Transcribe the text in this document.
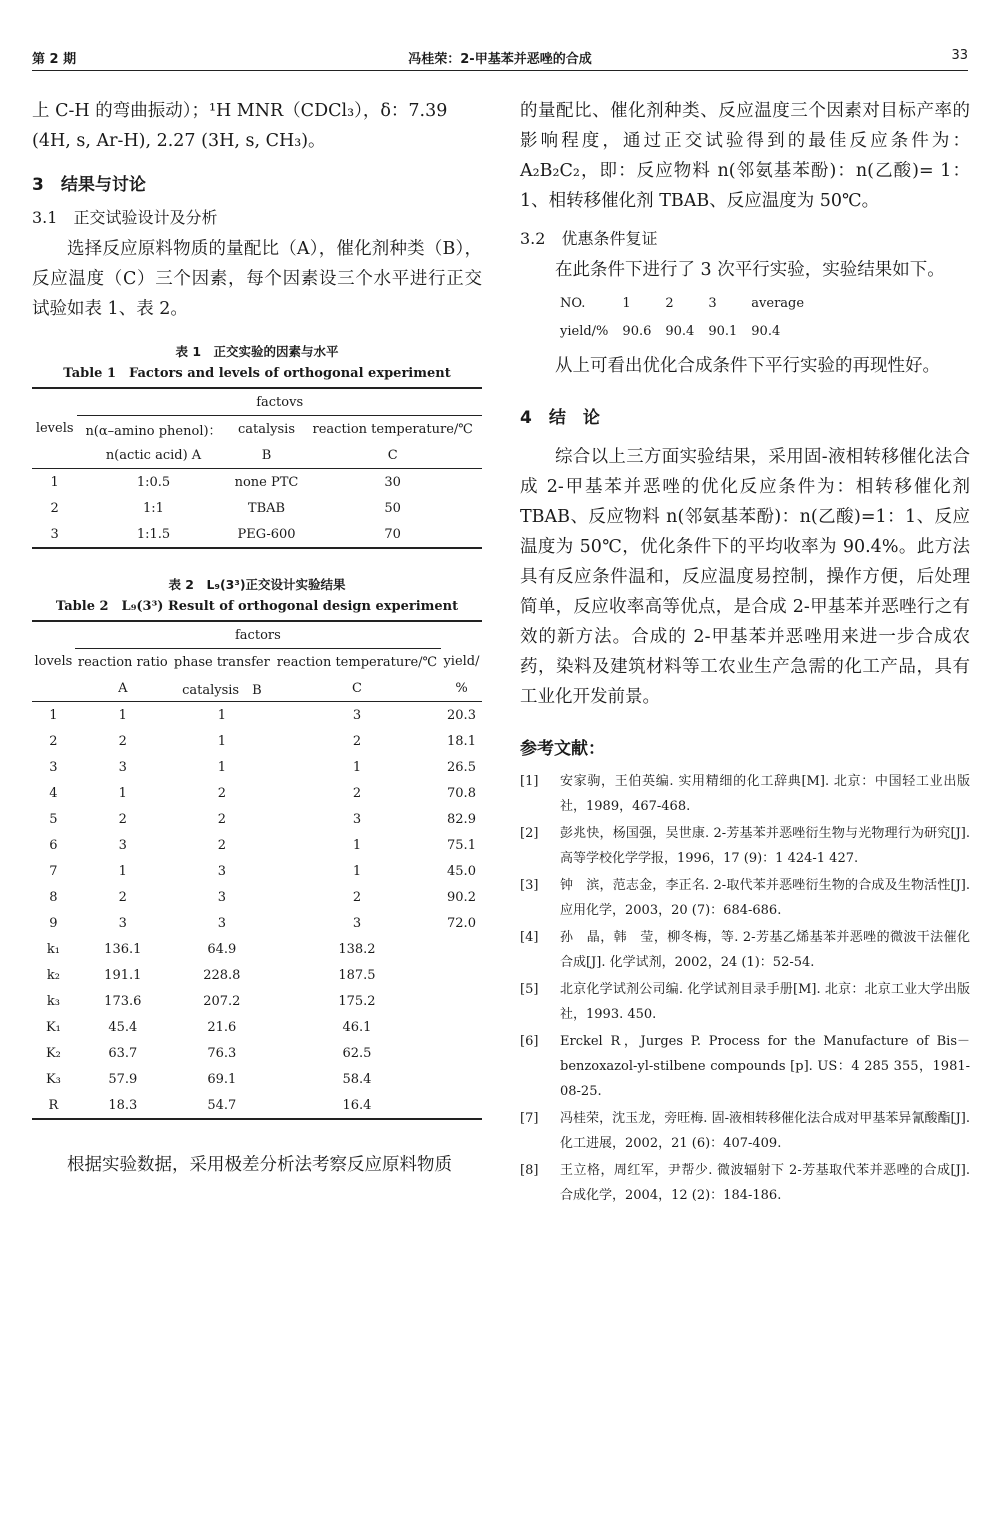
第 2 期	冯桂荣：2-甲基苯并恶唑的合成	33

上 C-H 的弯曲振动）；¹H MNR（CDCl₃），δ：7.39

(4H, s, Ar-H), 2.27 (3H, s, CH₃)。

3　结果与讨论
3.1　正交试验设计及分析

选择反应原料物质的量配比（A），催化剂种类（B），反应温度（C）三个因素，每个因素设三个水平进行正交试验如表 1、表 2。

表 1　正交实验的因素与水平
Table 1　Factors and levels of orthogonal experiment
	factovs		
levels	n(α–amino phenol)：	catalysis	reaction temperature/℃
	n(actic acid) A	B	C
1	1:0.5	none PTC	30
2	1:1	TBAB	50
3	1:1.5	PEG-600	70
表 2　L₉(3³)正交设计实验结果
Table 2　L₉(3³) Result of orthogonal design experiment
	factors			
lovels	reaction ratio	phase transfer	reaction temperature/℃	yield/
	A	catalysis　B	C	%
1	1	1	3	20.3
2	2	1	2	18.1
3	3	1	1	26.5
4	1	2	2	70.8
5	2	2	3	82.9
6	3	2	1	75.1
7	1	3	1	45.0
8	2	3	2	90.2
9	3	3	3	72.0
k₁	136.1	64.9	138.2	
k₂	191.1	228.8	187.5	
k₃	173.6	207.2	175.2	
K₁	45.4	21.6	46.1	
K₂	63.7	76.3	62.5	
K₃	57.9	69.1	58.4	
R	18.3	54.7	16.4	

根据实验数据，采用极差分析法考察反应原料物质

的量配比、催化剂种类、反应温度三个因素对目标产率的影响程度，通过正交试验得到的最佳反应条件为：A₂B₂C₂，即：反应物料 n(邻氨基苯酚)：n(乙酸)= 1：1、相转移催化剂 TBAB、反应温度为 50℃。

3.2　优惠条件复证

在此条件下进行了 3 次平行实验，实验结果如下。

NO.	1	2	3	average
yield/%	90.6	90.4	90.1	90.4

从上可看出优化合成条件下平行实验的再现性好。

4　结　论

综合以上三方面实验结果，采用固-液相转移催化法合成 2-甲基苯并恶唑的优化反应条件为：相转移催化剂 TBAB、反应物料 n(邻氨基苯酚)：n(乙酸)=1：1、反应温度为 50℃，优化条件下的平均收率为 90.4%。此方法具有反应条件温和，反应温度易控制，操作方便，后处理简单，反应收率高等优点，是合成 2-甲基苯并恶唑行之有效的新方法。合成的 2-甲基苯并恶唑用来进一步合成农药，染料及建筑材料等工农业生产急需的化工产品，具有工业化开发前景。

参考文献：
[1]	安家驹，王伯英编. 实用精细的化工辞典[M]. 北京：中国轻工业出版社，1989，467-468.
[2]	彭兆快，杨国强，吴世康. 2-芳基苯并恶唑衍生物与光物理行为研究[J]. 高等学校化学学报，1996，17 (9)：1 424-1 427.
[3]	钟　滨，范志金，李正名. 2-取代苯并恶唑衍生物的合成及生物活性[J]. 应用化学，2003，20 (7)：684-686.
[4]	孙　晶，韩　莹，柳冬梅，等. 2-芳基乙烯基苯并恶唑的微波干法催化合成[J]. 化学试剂，2002，24 (1)：52-54.
[5]	北京化学试剂公司编. 化学试剂目录手册[M]. 北京：北京工业大学出版社，1993. 450.
[6]	Erckel R，Jurges P. Process for the Manufacture of Bis－benzoxazol-yl-stilbene compounds [p]. US：4 285 355，1981-08-25.
[7]	冯桂荣，沈玉龙，旁旺梅. 固-液相转移催化法合成对甲基苯异氰酸酯[J]. 化工进展，2002，21 (6)：407-409.
[8]	王立格，周红军，尹帮少. 微波辐射下 2-芳基取代苯并恶唑的合成[J]. 合成化学，2004，12 (2)：184-186.
